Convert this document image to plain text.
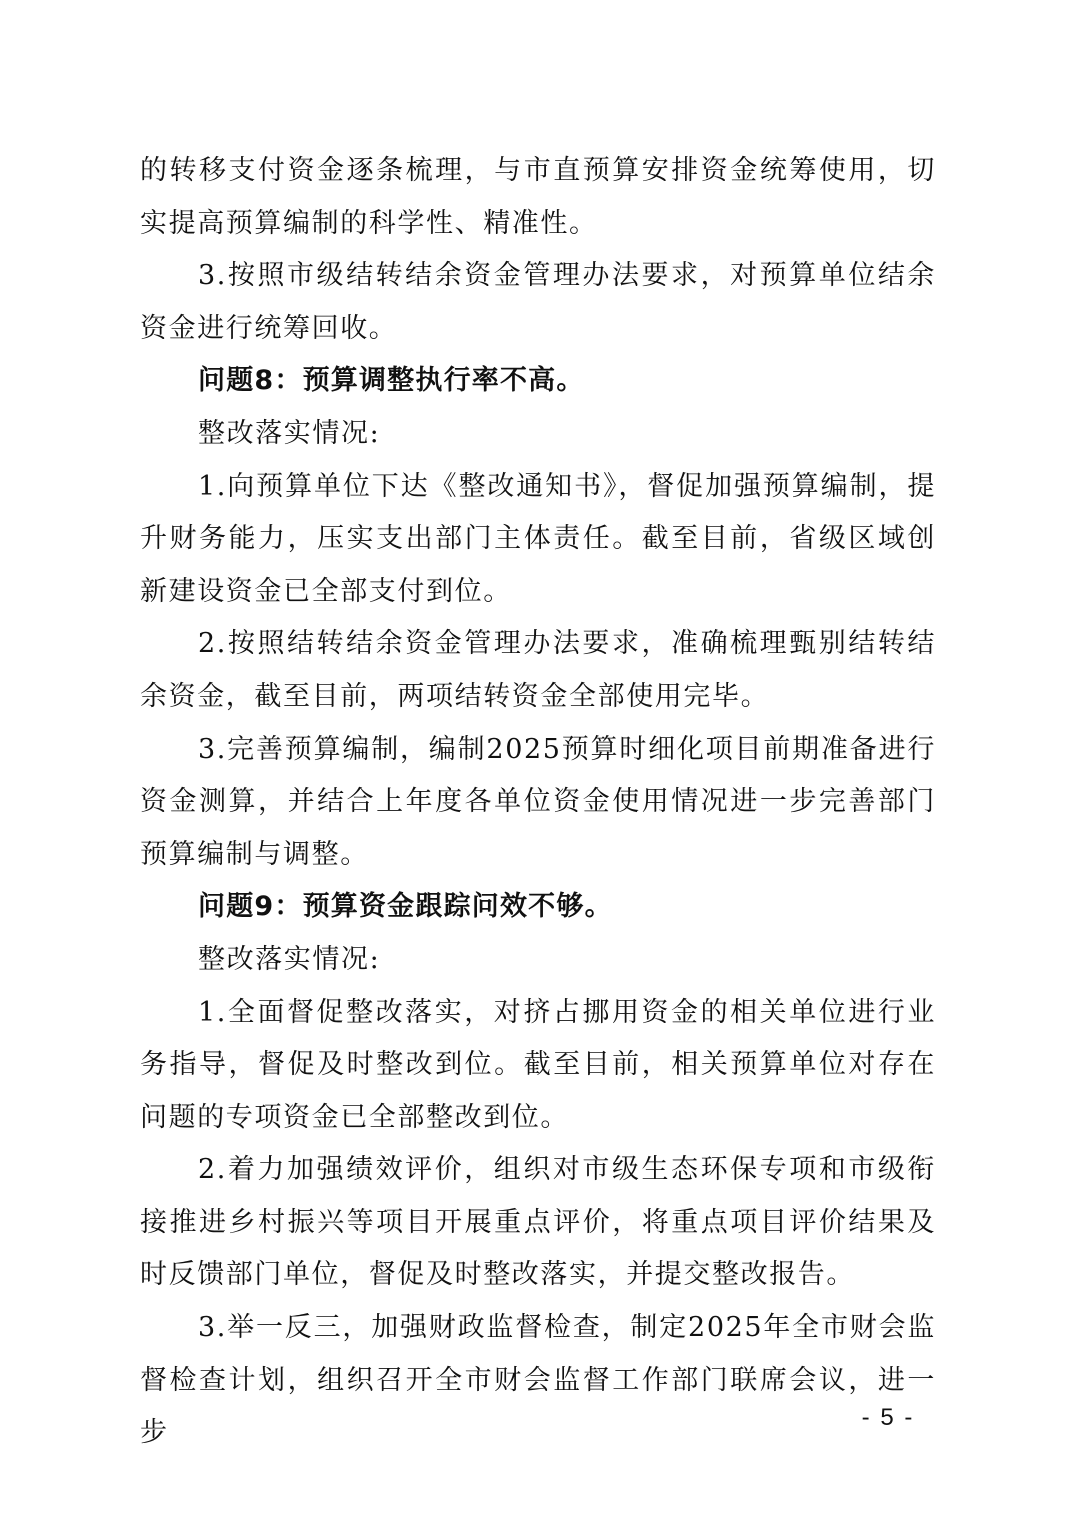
的转移支付资金逐条梳理，与市直预算安排资金统筹使用，切实提高预算编制的科学性、精准性。

3.按照市级结转结余资金管理办法要求，对预算单位结余资金进行统筹回收。

问题8：预算调整执行率不高。

整改落实情况:

1.向预算单位下达《整改通知书》，督促加强预算编制，提升财务能力，压实支出部门主体责任。截至目前，省级区域创新建设资金已全部支付到位。

2.按照结转结余资金管理办法要求，准确梳理甄别结转结余资金，截至目前，两项结转资金全部使用完毕。

3.完善预算编制，编制2025预算时细化项目前期准备进行资金测算，并结合上年度各单位资金使用情况进一步完善部门预算编制与调整。

问题9：预算资金跟踪问效不够。

整改落实情况:

1.全面督促整改落实，对挤占挪用资金的相关单位进行业务指导，督促及时整改到位。截至目前，相关预算单位对存在问题的专项资金已全部整改到位。

2.着力加强绩效评价，组织对市级生态环保专项和市级衔接推进乡村振兴等项目开展重点评价，将重点项目评价结果及时反馈部门单位，督促及时整改落实，并提交整改报告。

3.举一反三，加强财政监督检查，制定2025年全市财会监督检查计划，组织召开全市财会监督工作部门联席会议，进一步	- 5 -
